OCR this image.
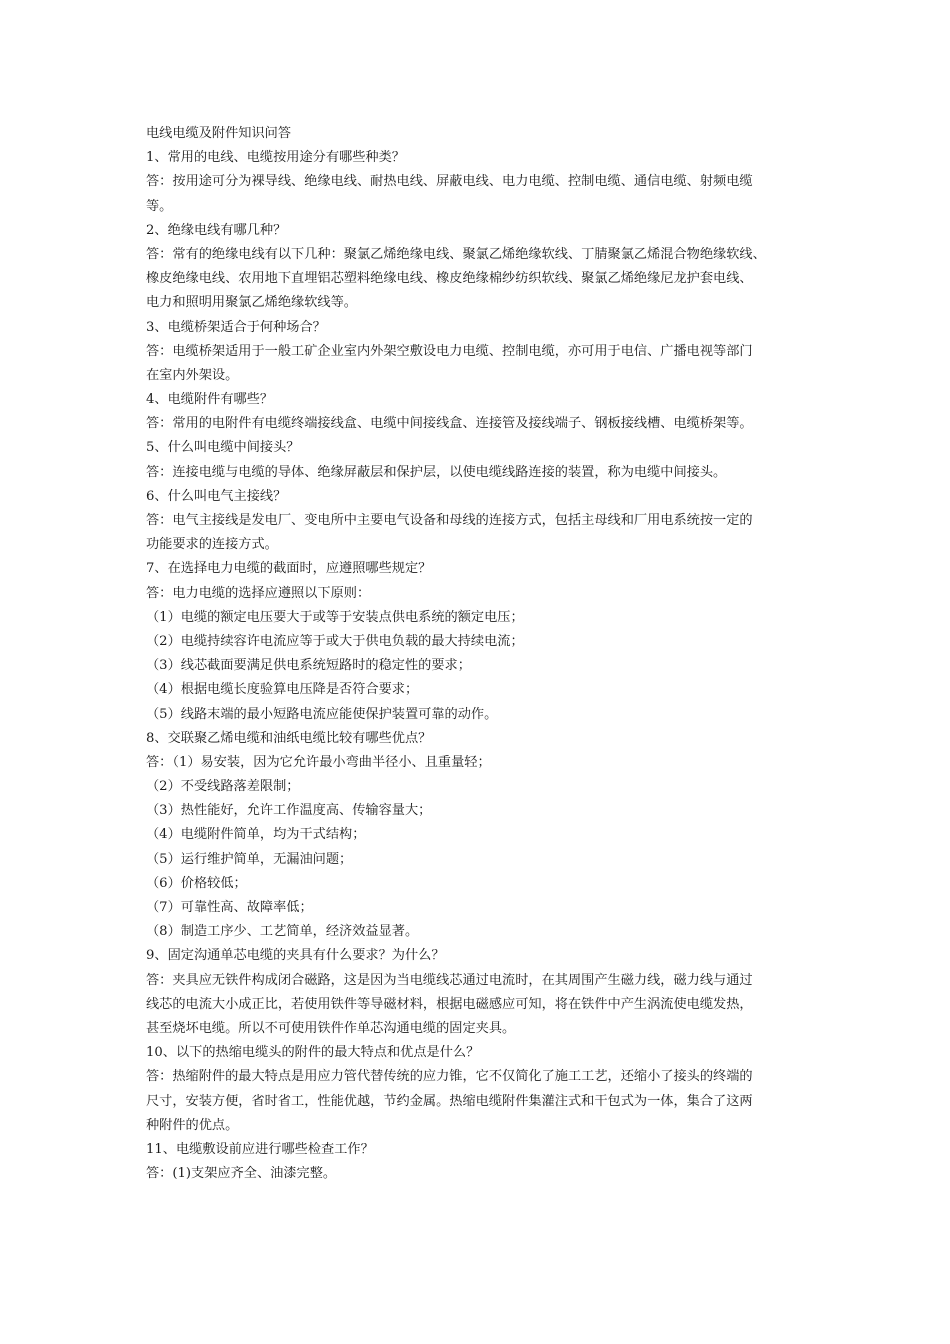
电线电缆及附件知识问答
1、常用的电线、电缆按用途分有哪些种类？
答：按用途可分为裸导线、绝缘电线、耐热电线、屏蔽电线、电力电缆、控制电缆、通信电缆、射频电缆
等。
2、绝缘电线有哪几种？
答：常有的绝缘电线有以下几种：聚氯乙烯绝缘电线、聚氯乙烯绝缘软线、丁腈聚氯乙烯混合物绝缘软线、
橡皮绝缘电线、农用地下直埋铝芯塑料绝缘电线、橡皮绝缘棉纱纺织软线、聚氯乙烯绝缘尼龙护套电线、
电力和照明用聚氯乙烯绝缘软线等。
3、电缆桥架适合于何种场合？
答：电缆桥架适用于一般工矿企业室内外架空敷设电力电缆、控制电缆，亦可用于电信、广播电视等部门
在室内外架设。
4、电缆附件有哪些？
答：常用的电附件有电缆终端接线盒、电缆中间接线盒、连接管及接线端子、钢板接线槽、电缆桥架等。
5、什么叫电缆中间接头？
答：连接电缆与电缆的导体、绝缘屏蔽层和保护层，以使电缆线路连接的装置，称为电缆中间接头。
6、什么叫电气主接线？
答：电气主接线是发电厂、变电所中主要电气设备和母线的连接方式，包括主母线和厂用电系统按一定的
功能要求的连接方式。
7、在选择电力电缆的截面时，应遵照哪些规定？
答：电力电缆的选择应遵照以下原则：
（1）电缆的额定电压要大于或等于安装点供电系统的额定电压；
（2）电缆持续容许电流应等于或大于供电负载的最大持续电流；
（3）线芯截面要满足供电系统短路时的稳定性的要求；
（4）根据电缆长度验算电压降是否符合要求；
（5）线路末端的最小短路电流应能使保护装置可靠的动作。
8、交联聚乙烯电缆和油纸电缆比较有哪些优点？
答：（1）易安装，因为它允许最小弯曲半径小、且重量轻；
（2）不受线路落差限制；
（3）热性能好，允许工作温度高、传输容量大；
（4）电缆附件简单，均为干式结构；
（5）运行维护简单，无漏油问题；
（6）价格较低；
（7）可靠性高、故障率低；
（8）制造工序少、工艺简单，经济效益显著。
9、固定沟通单芯电缆的夹具有什么要求？为什么？
答：夹具应无铁件构成闭合磁路，这是因为当电缆线芯通过电流时，在其周围产生磁力线，磁力线与通过
线芯的电流大小成正比，若使用铁件等导磁材料，根据电磁感应可知，将在铁件中产生涡流使电缆发热，
甚至烧坏电缆。所以不可使用铁件作单芯沟通电缆的固定夹具。
10、以下的热缩电缆头的附件的最大特点和优点是什么？
答：热缩附件的最大特点是用应力管代替传统的应力锥，它不仅简化了施工工艺，还缩小了接头的终端的
尺寸，安装方便，省时省工，性能优越，节约金属。热缩电缆附件集灌注式和干包式为一体，集合了这两
种附件的优点。
11、电缆敷设前应进行哪些检查工作？
答：(1)支架应齐全、油漆完整。
